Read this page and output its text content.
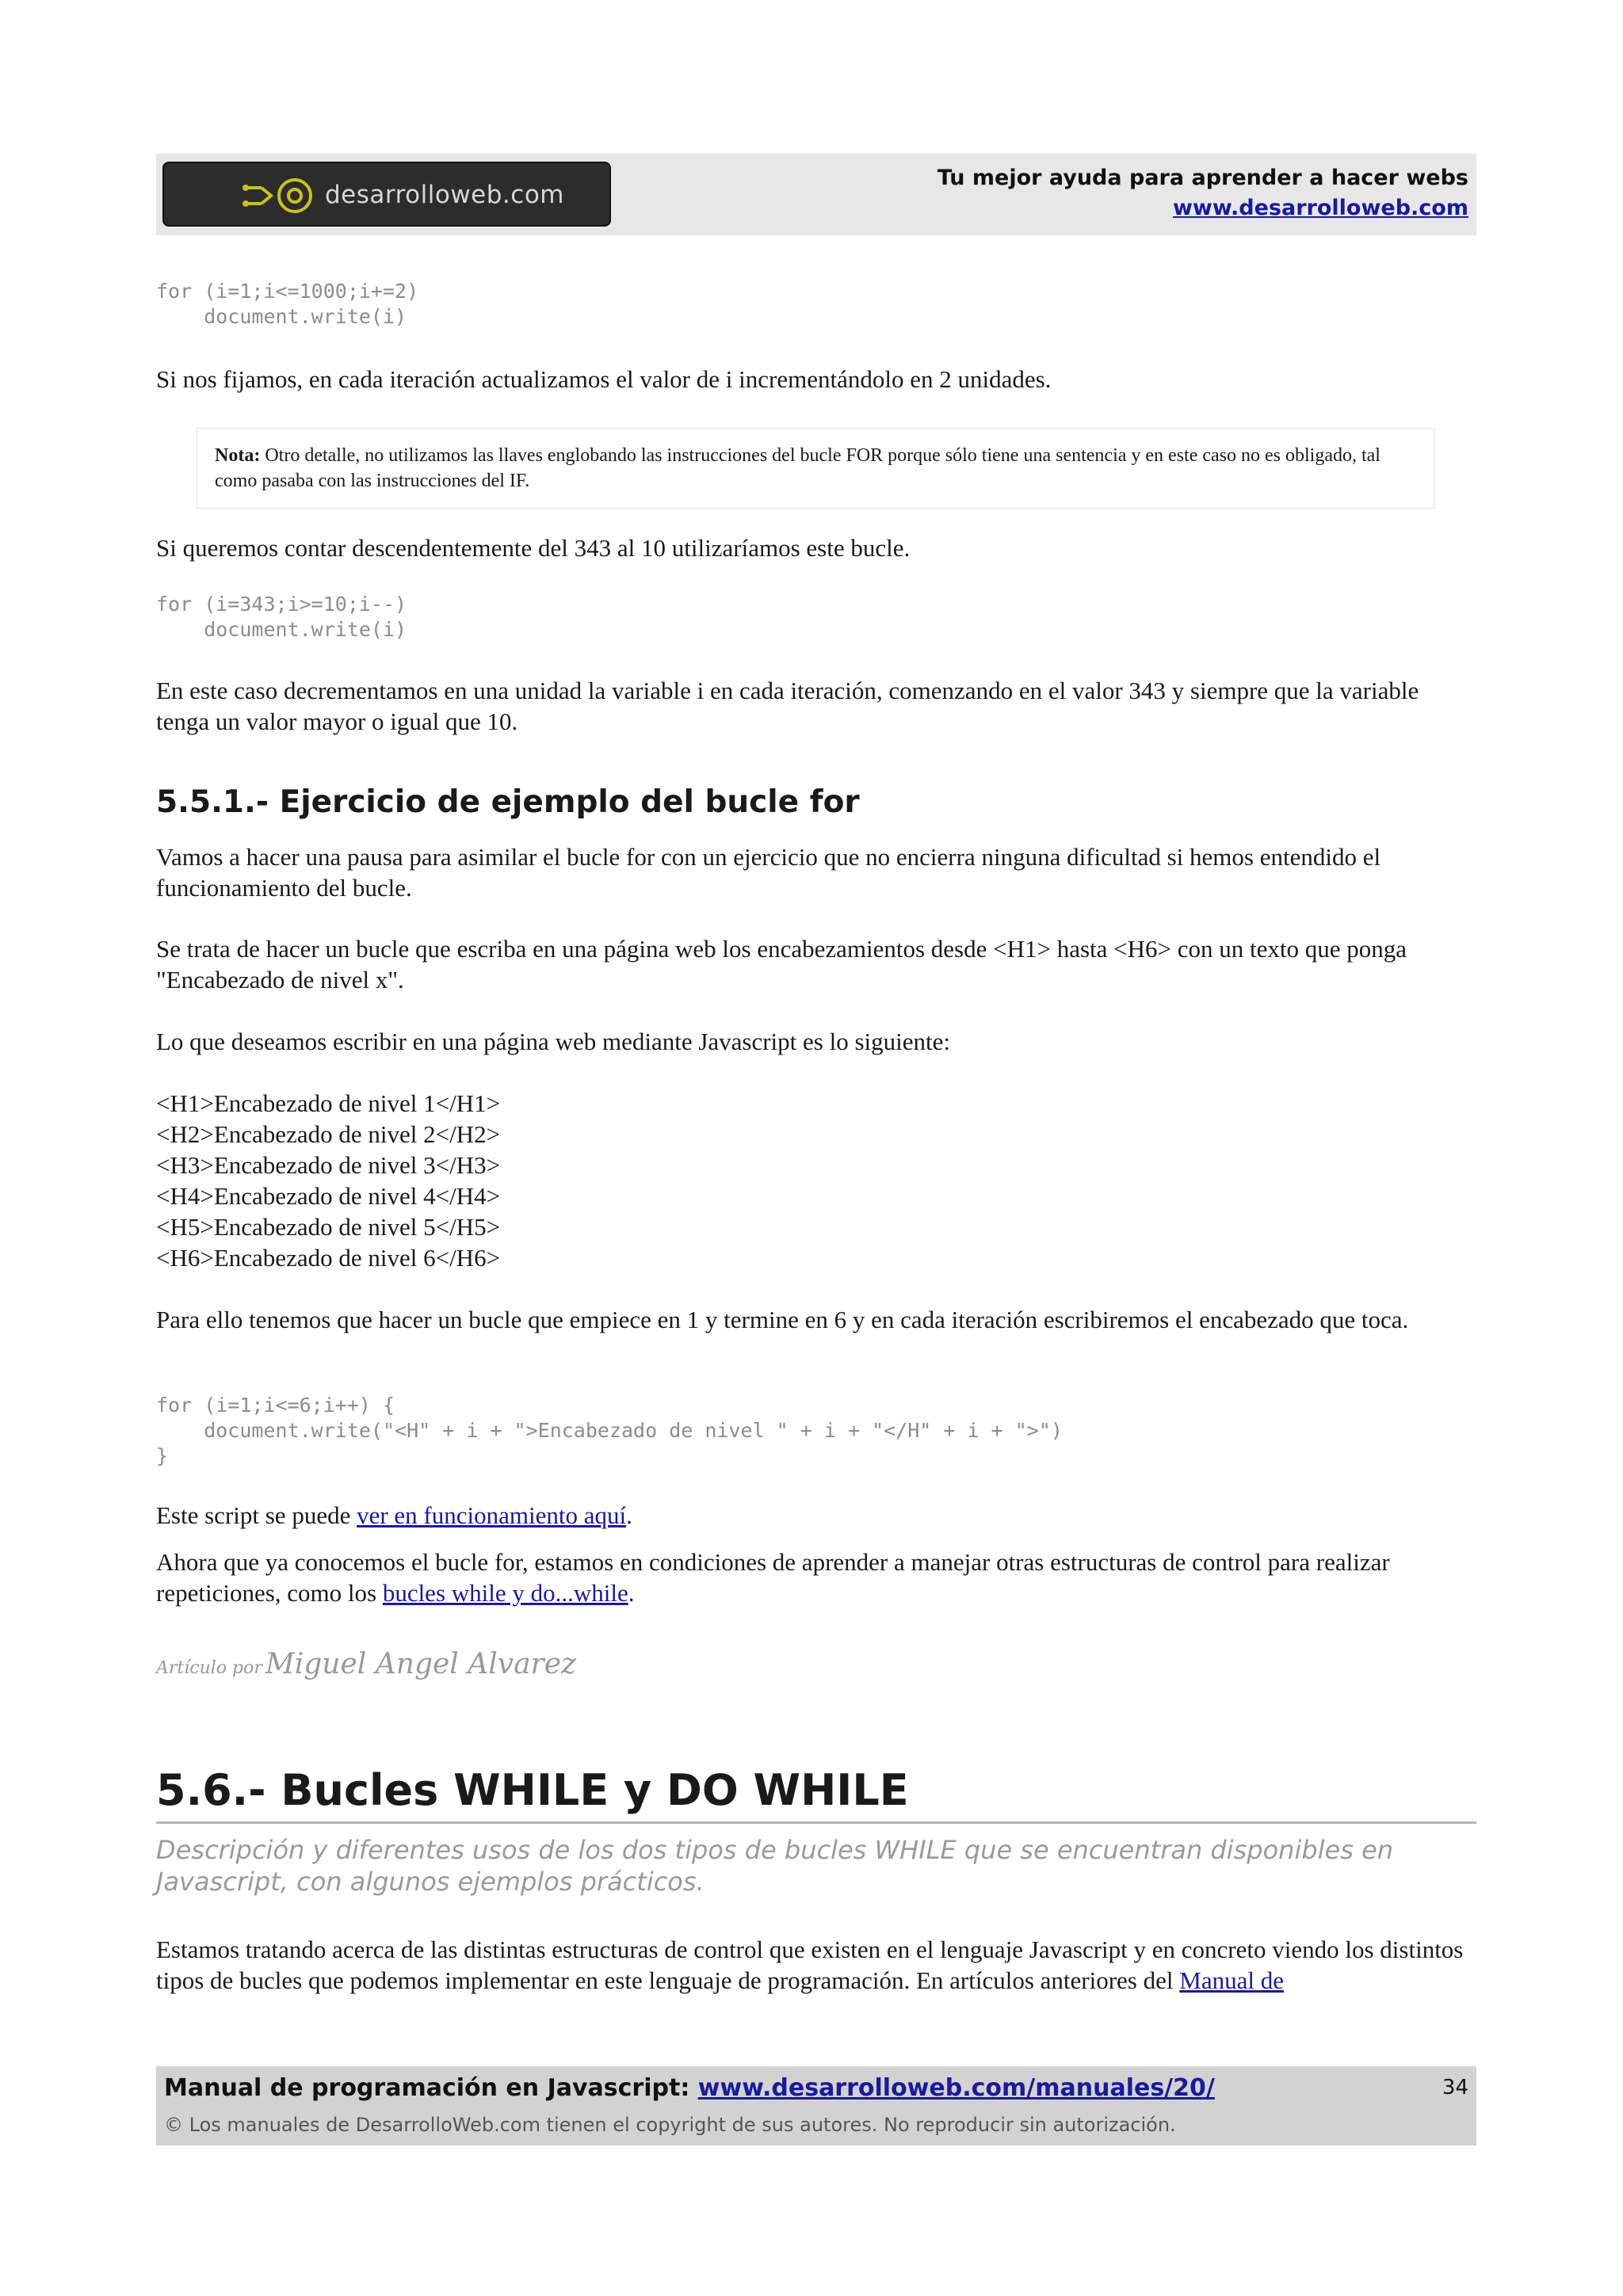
desarrolloweb.com
Tu mejor ayuda para aprender a hacer webs
www.desarrolloweb.com
for (i=1;i<=1000;i+=2)
document.write(i)

Si nos fijamos, en cada iteración actualizamos el valor de i incrementándolo en 2 unidades.

Nota: Otro detalle, no utilizamos las llaves englobando las instrucciones del bucle FOR porque sólo tiene una sentencia y en este caso no es obligado, tal como pasaba con las instrucciones del IF.

Si queremos contar descendentemente del 343 al 10 utilizaríamos este bucle.

for (i=343;i>=10;i--)
document.write(i)

En este caso decrementamos en una unidad la variable i en cada iteración, comenzando en el valor 343 y siempre que la variable tenga un valor mayor o igual que 10.

5.5.1.- Ejercicio de ejemplo del bucle for

Vamos a hacer una pausa para asimilar el bucle for con un ejercicio que no encierra ninguna dificultad si hemos entendido el funcionamiento del bucle.

Se trata de hacer un bucle que escriba en una página web los encabezamientos desde <H1> hasta <H6> con un texto que ponga "Encabezado de nivel x".

Lo que deseamos escribir en una página web mediante Javascript es lo siguiente:

<H1>Encabezado de nivel 1</H1>
<H2>Encabezado de nivel 2</H2>
<H3>Encabezado de nivel 3</H3>
<H4>Encabezado de nivel 4</H4>
<H5>Encabezado de nivel 5</H5>
<H6>Encabezado de nivel 6</H6>

Para ello tenemos que hacer un bucle que empiece en 1 y termine en 6 y en cada iteración escribiremos el encabezado que toca.

for (i=1;i<=6;i++) {
document.write("<H" + i + ">Encabezado de nivel " + i + "</H" + i + ">")
}

Este script se puede ver en funcionamiento aquí.

Ahora que ya conocemos el bucle for, estamos en condiciones de aprender a manejar otras estructuras de control para realizar repeticiones, como los bucles while y do...while.

Artículo por Miguel Angel Alvarez
5.6.- Bucles WHILE y DO WHILE

Descripción y diferentes usos de los dos tipos de bucles WHILE que se encuentran disponibles en Javascript, con algunos ejemplos prácticos.

Estamos tratando acerca de las distintas estructuras de control que existen en el lenguaje Javascript y en concreto viendo los distintos tipos de bucles que podemos implementar en este lenguaje de programación. En artículos anteriores del Manual de

Manual de programación en Javascript: www.desarrolloweb.com/manuales/20/
© Los manuales de DesarrolloWeb.com tienen el copyright de sus autores. No reproducir sin autorización.
34
